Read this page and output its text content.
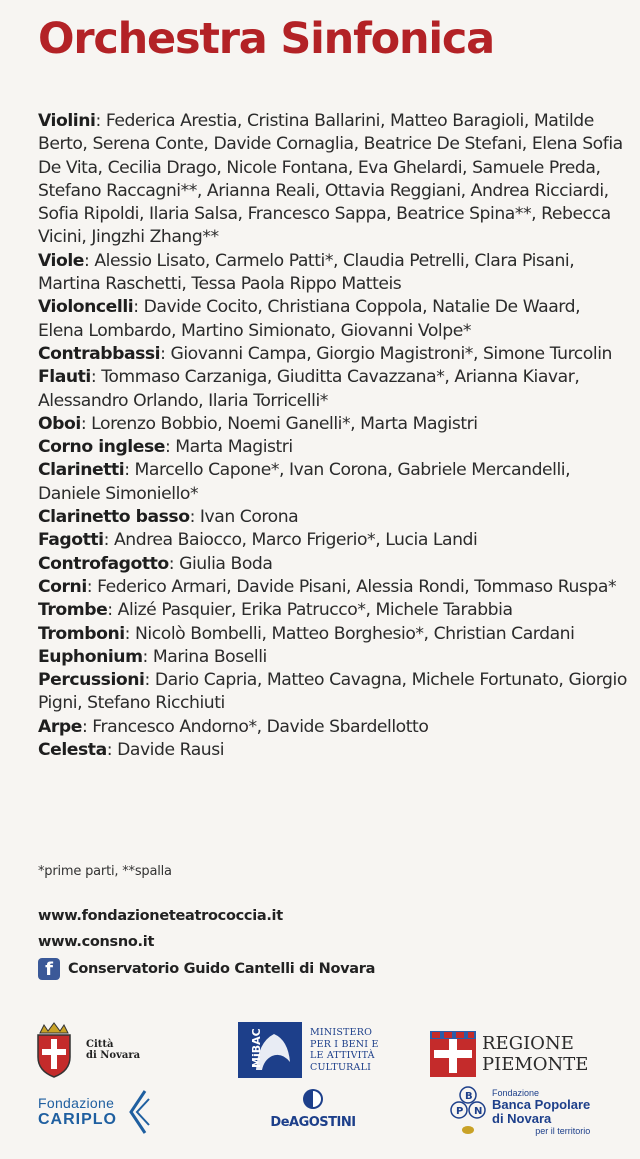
Orchestra Sinfonica

Violini: Federica Arestia, Cristina Ballarini, Matteo Baragioli, Matilde Berto, Serena Conte, Davide Cornaglia, Beatrice De Stefani, Elena Sofia De Vita, Cecilia Drago, Nicole Fontana, Eva Ghelardi, Samuele Preda, Stefano Raccagni**, Arianna Reali, Ottavia Reggiani, Andrea Ricciardi, Sofia Ripoldi, Ilaria Salsa, Francesco Sappa, Beatrice Spina**, Rebecca Vicini, Jingzhi Zhang**

Viole: Alessio Lisato, Carmelo Patti*, Claudia Petrelli, Clara Pisani, Martina Raschetti, Tessa Paola Rippo Matteis

Violoncelli: Davide Cocito, Christiana Coppola, Natalie De Waard, Elena Lombardo, Martino Simionato, Giovanni Volpe*

Contrabbassi: Giovanni Campa, Giorgio Magistroni*, Simone Turcolin

Flauti: Tommaso Carzaniga, Giuditta Cavazzana*, Arianna Kiavar, Alessandro Orlando, Ilaria Torricelli*

Oboi: Lorenzo Bobbio, Noemi Ganelli*, Marta Magistri

Corno inglese: Marta Magistri

Clarinetti: Marcello Capone*, Ivan Corona, Gabriele Mercandelli, Daniele Simoniello*

Clarinetto basso: Ivan Corona

Fagotti: Andrea Baiocco, Marco Frigerio*, Lucia Landi

Controfagotto: Giulia Boda

Corni: Federico Armari, Davide Pisani, Alessia Rondi, Tommaso Ruspa*

Trombe: Alizé Pasquier, Erika Patrucco*, Michele Tarabbia

Tromboni: Nicolò Bombelli, Matteo Borghesio*, Christian Cardani

Euphonium: Marina Boselli

Percussioni: Dario Capria, Matteo Cavagna, Michele Fortunato, Giorgio Pigni, Stefano Ricchiuti

Arpe: Francesco Andorno*, Davide Sbardellotto

Celesta: Davide Rausi

*prime parti, **spalla
www.fondazioneteatrococcia.it
www.consno.it
f	Conservatorio Guido Cantelli di Novara
Città
di Novara	MiBAC	MINISTERO
PER I BENI E
LE ATTIVITÀ
CULTURALI
REGIONE
PIEMONTE
Fondazione
CARIPLO	DeAGOSTINI
B
P N
Fondazione
Banca Popolare
di Novara
per il territorio
